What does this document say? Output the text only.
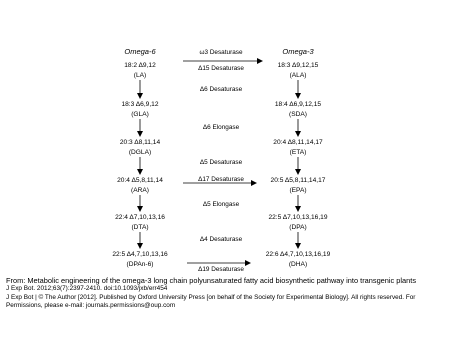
Omega-6	Omega-3
18:2 Δ9,12
(LA)
18:3 Δ6,9,12
(GLA)
20:3 Δ8,11,14
(DGLA)
20:4 Δ5,8,11,14
(ARA)
22:4 Δ7,10,13,16
(DTA)
22:5 Δ4,7,10,13,16
(DPAn-6)
18:3 Δ9,12,15
(ALA)
18:4 Δ6,9,12,15
(SDA)
20:4 Δ8,11,14,17
(ETA)
20:5 Δ5,8,11,14,17
(EPA)
22:5 Δ7,10,13,16,19
(DPA)
22:6 Δ4,7,10,13,16,19
(DHA)
ω3 Desaturase
Δ15 Desaturase
Δ6 Desaturase
Δ6 Elongase
Δ5 Desaturase
Δ17 Desaturase
Δ5 Elongase
Δ4 Desaturase
Δ19 Desaturase
From: Metabolic engineering of the omega-3 long chain polyunsaturated fatty acid biosynthetic pathway into transgenic plants
J Exp Bot. 2012;63(7):2397-2410. doi:10.1093/jxb/err454
J Exp Bot | © The Author [2012]. Published by Oxford University Press [on behalf of the Society for Experimental Biology]. All rights reserved. For Permissions, please e-mail: journals.permissions@oup.com
